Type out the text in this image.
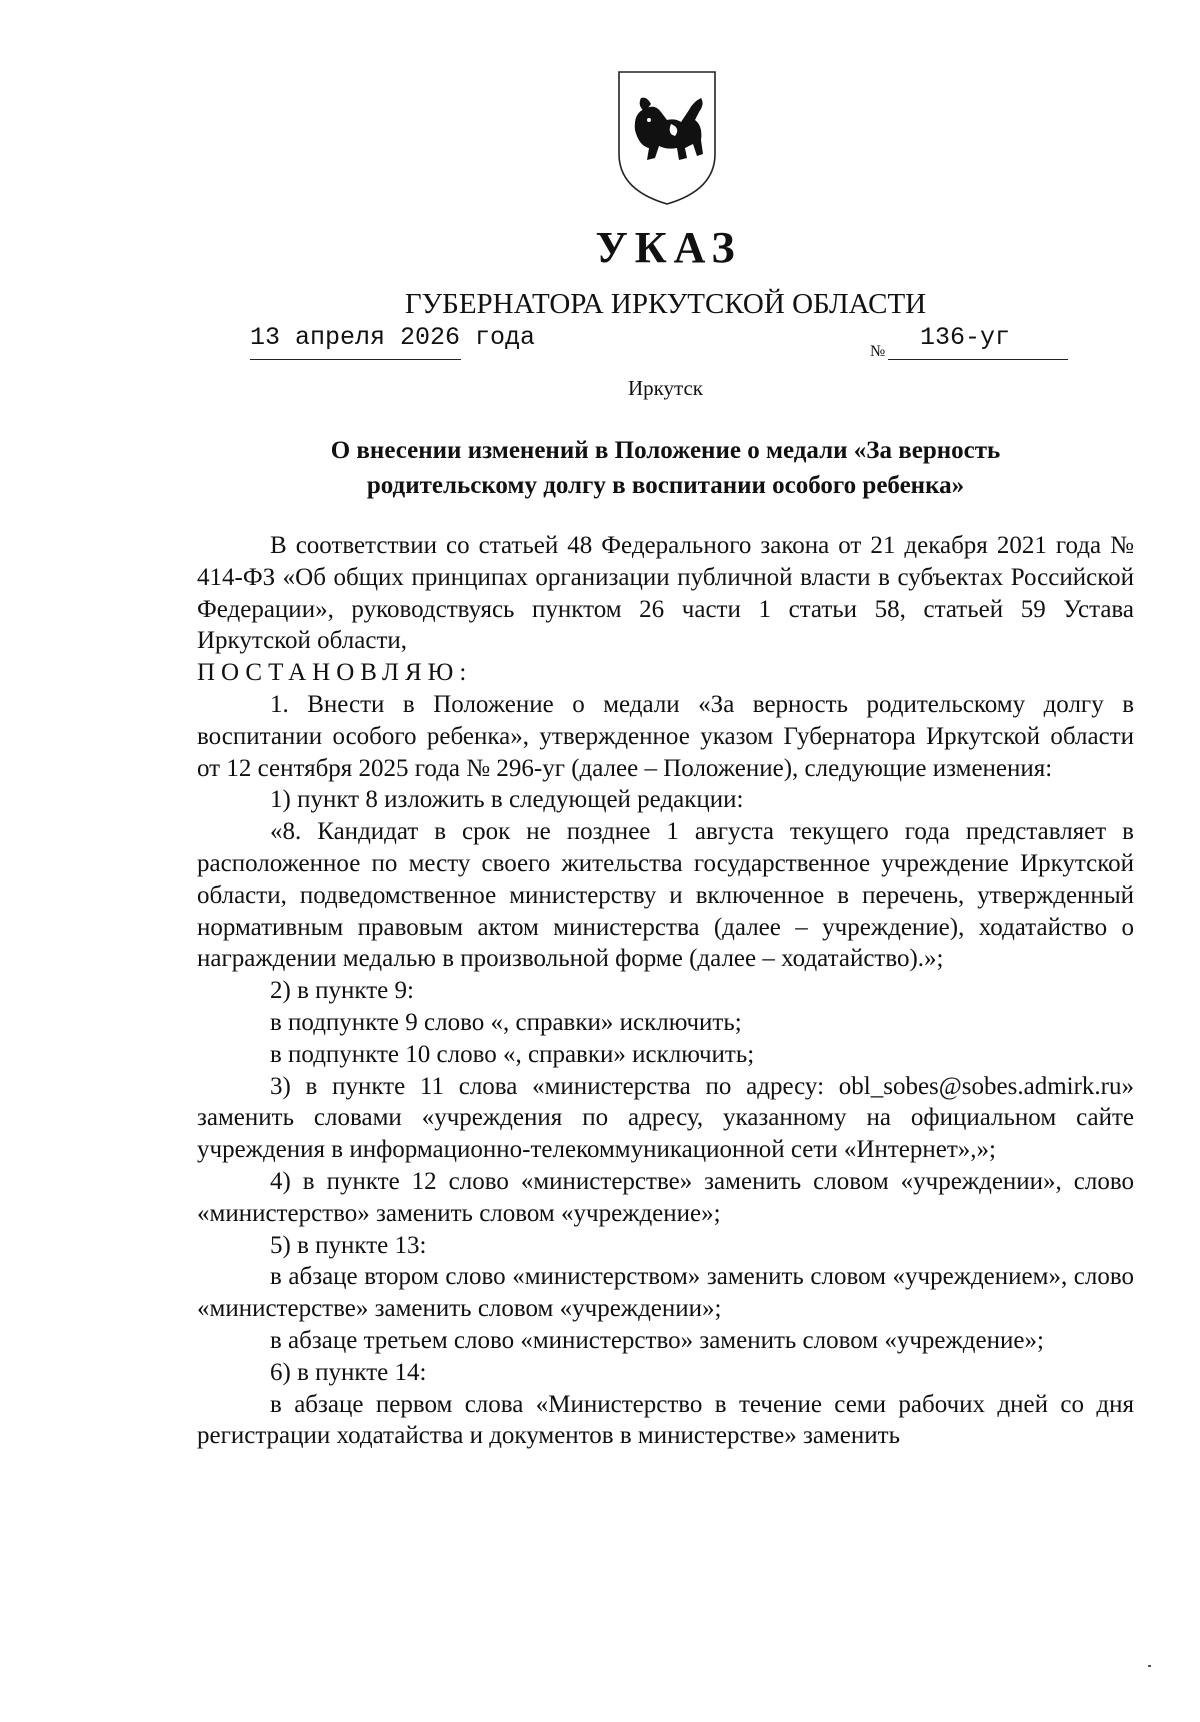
УКАЗ
ГУБЕРНАТОРА ИРКУТСКОЙ ОБЛАСТИ
13 апреля 2026 года	№ 136-уг
Иркутск
О внесении изменений в Положение о медали «За верность родительскому долгу в воспитании особого ребенка»

В соответствии со статьей 48 Федерального закона от 21 декабря 2021 года № 414-ФЗ «Об общих принципах организации публичной власти в субъектах Российской Федерации», руководствуясь пунктом 26 части 1 статьи 58, статьей 59 Устава Иркутской области,

ПОСТАНОВЛЯЮ:

1. Внести в Положение о медали «За верность родительскому долгу в воспитании особого ребенка», утвержденное указом Губернатора Иркутской области от 12 сентября 2025 года № 296-уг (далее – Положение), следующие изменения:

1) пункт 8 изложить в следующей редакции:

«8. Кандидат в срок не позднее 1 августа текущего года представляет в расположенное по месту своего жительства государственное учреждение Иркутской области, подведомственное министерству и включенное в перечень, утвержденный нормативным правовым актом министерства (далее – учреждение), ходатайство о награждении медалью в произвольной форме (далее – ходатайство).»;

2) в пункте 9:

в подпункте 9 слово «, справки» исключить;

в подпункте 10 слово «, справки» исключить;

3) в пункте 11 слова «министерства по адресу: obl_sobes@sobes.admirk.ru» заменить словами «учреждения по адресу, указанному на официальном сайте учреждения в информационно-телекоммуникационной сети «Интернет»,»;

4) в пункте 12 слово «министерстве» заменить словом «учреждении», слово «министерство» заменить словом «учреждение»;

5) в пункте 13:

в абзаце втором слово «министерством» заменить словом «учреждением», слово «министерстве» заменить словом «учреждении»;

в абзаце третьем слово «министерство» заменить словом «учреждение»;

6) в пункте 14:

в абзаце первом слова «Министерство в течение семи рабочих дней со дня регистрации ходатайства и документов в министерстве» заменить
